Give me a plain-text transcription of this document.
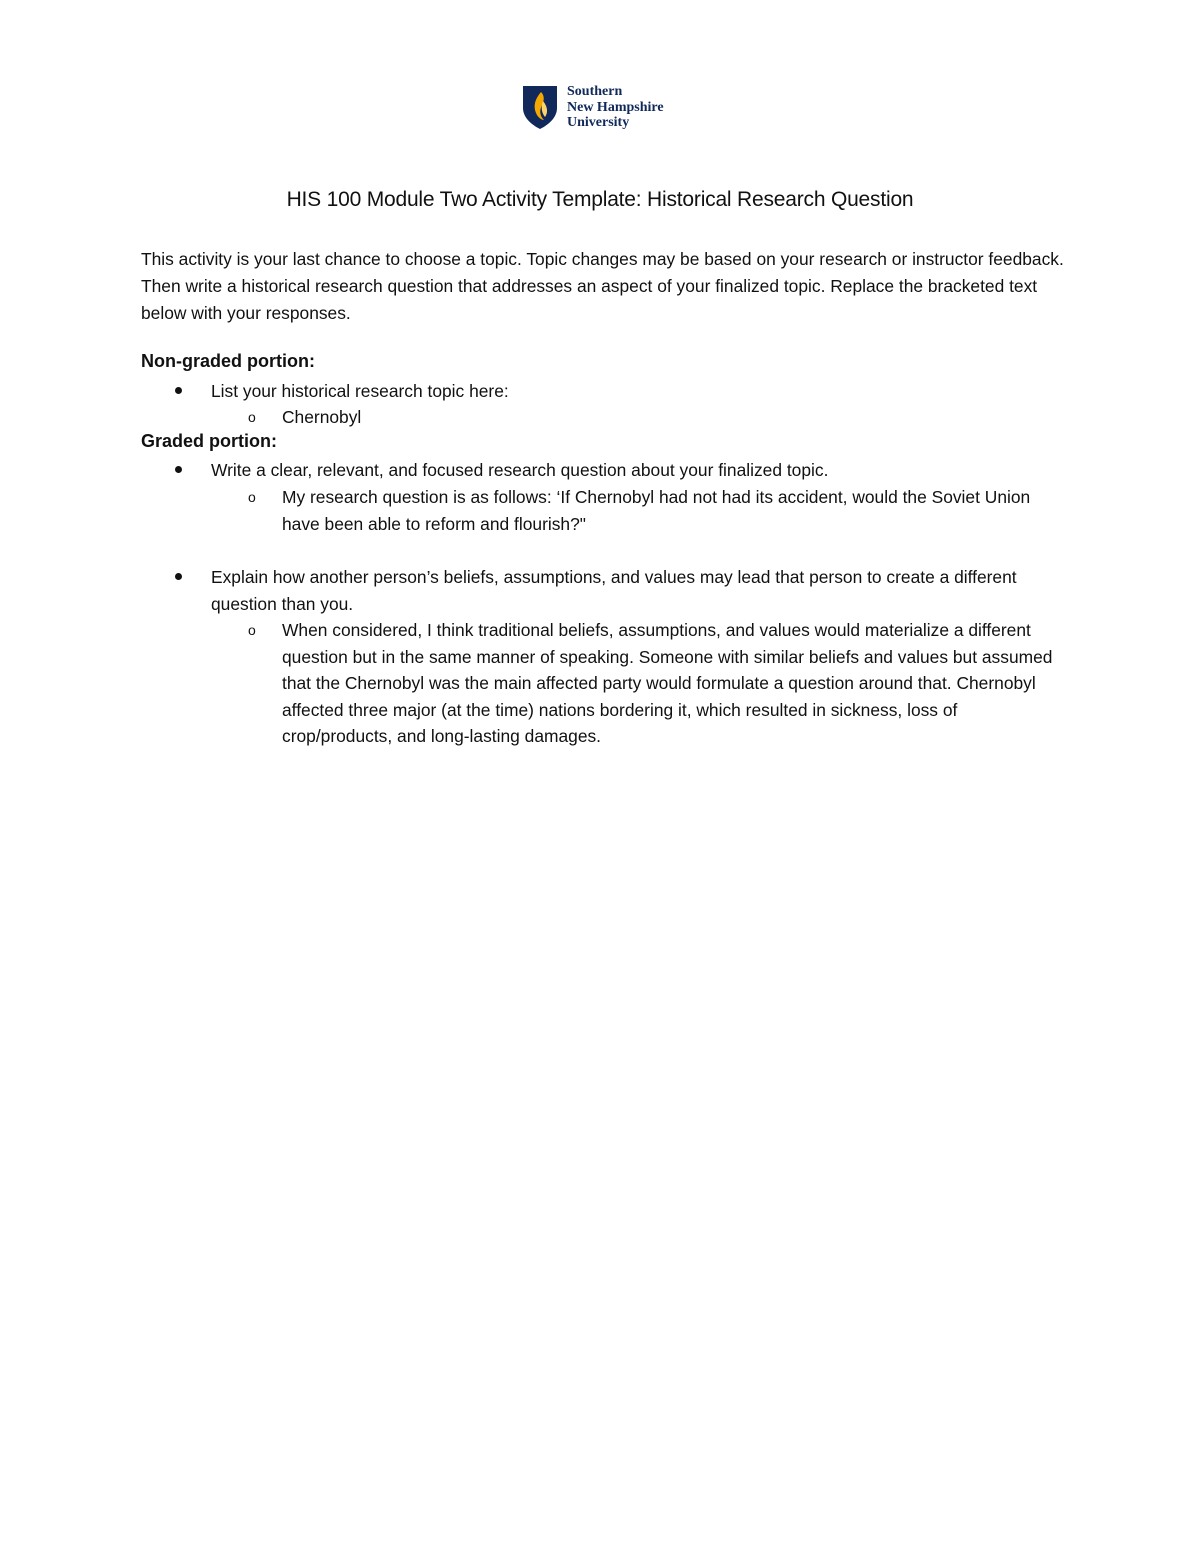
Southern
New Hampshire
University
HIS 100 Module Two Activity Template: Historical Research Question
This activity is your last chance to choose a topic. Topic changes may be based on your research or instructor feedback. Then write a historical research question that addresses an aspect of your finalized topic. Replace the bracketed text below with your responses.
Non-graded portion:
List your historical research topic here:
o Chernobyl
Graded portion:
Write a clear, relevant, and focused research question about your finalized topic.
o My research question is as follows: ‘If Chernobyl had not had its accident, would the Soviet Union have been able to reform and flourish?"
Explain how another person’s beliefs, assumptions, and values may lead that person to create a different question than you.
o When considered, I think traditional beliefs, assumptions, and values would materialize a different question but in the same manner of speaking. Someone with similar beliefs and values but assumed that the Chernobyl was the main affected party would formulate a question around that. Chernobyl affected three major (at the time) nations bordering it, which resulted in sickness, loss of crop/products, and long-lasting damages.
